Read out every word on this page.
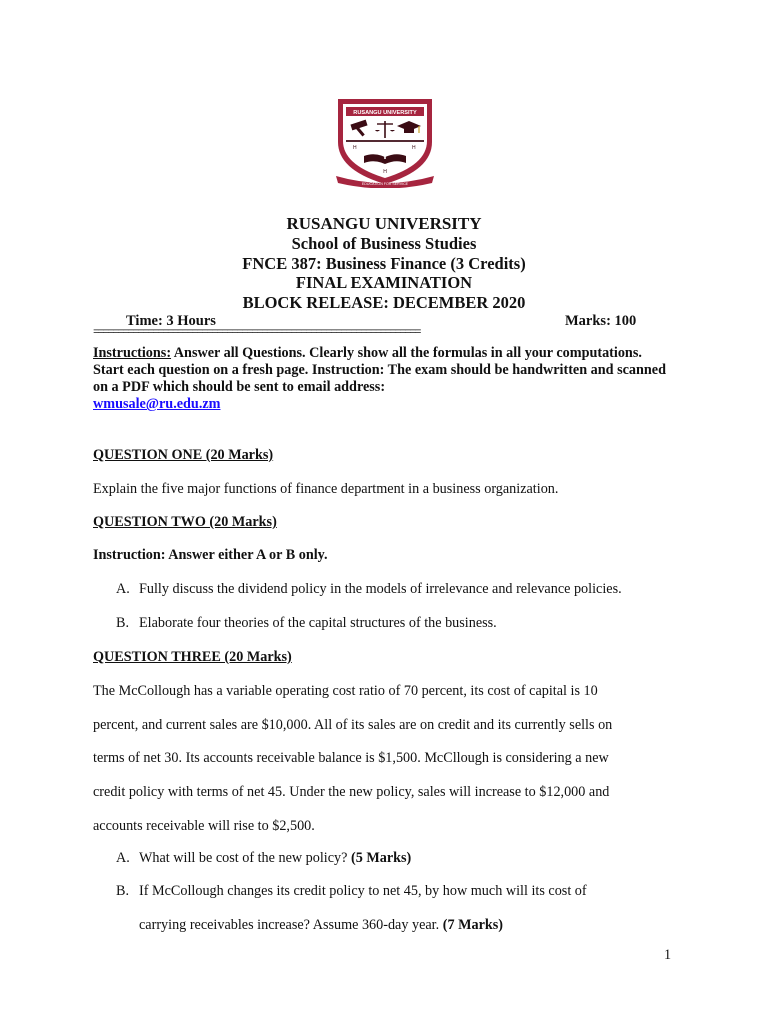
RUSANGU UNIVERSITY
H	H
H
EDUCATION FOR SERVICE
RUSANGU UNIVERSITY
School of Business Studies
FNCE 387: Business Finance (3 Credits)
FINAL EXAMINATION
BLOCK RELEASE: DECEMBER 2020
Time: 3 Hours	Marks: 100
==================================================================
Instructions: Answer all Questions. Clearly show all the formulas in all your computations. Start each question on a fresh page. Instruction: The exam should be handwritten and scanned on a PDF which should be sent to email address:
wmusale@ru.edu.zm
QUESTION ONE (20 Marks)
Explain the five major functions of finance department in a business organization.
QUESTION TWO (20 Marks)
Instruction: Answer either A or B only.
A. Fully discuss the dividend policy in the models of irrelevance and relevance policies.
B. Elaborate four theories of the capital structures of the business.
QUESTION THREE (20 Marks)
The McCollough has a variable operating cost ratio of 70 percent, its cost of capital is 10
percent, and current sales are $10,000. All of its sales are on credit and its currently sells on
terms of net 30. Its accounts receivable balance is $1,500. McCllough is considering a new
credit policy with terms of net 45. Under the new policy, sales will increase to $12,000 and
accounts receivable will rise to $2,500.
A. What will be cost of the new policy? (5 Marks)
B. If McCollough changes its credit policy to net 45, by how much will its cost of
carrying receivables increase? Assume 360-day year. (7 Marks)
1
